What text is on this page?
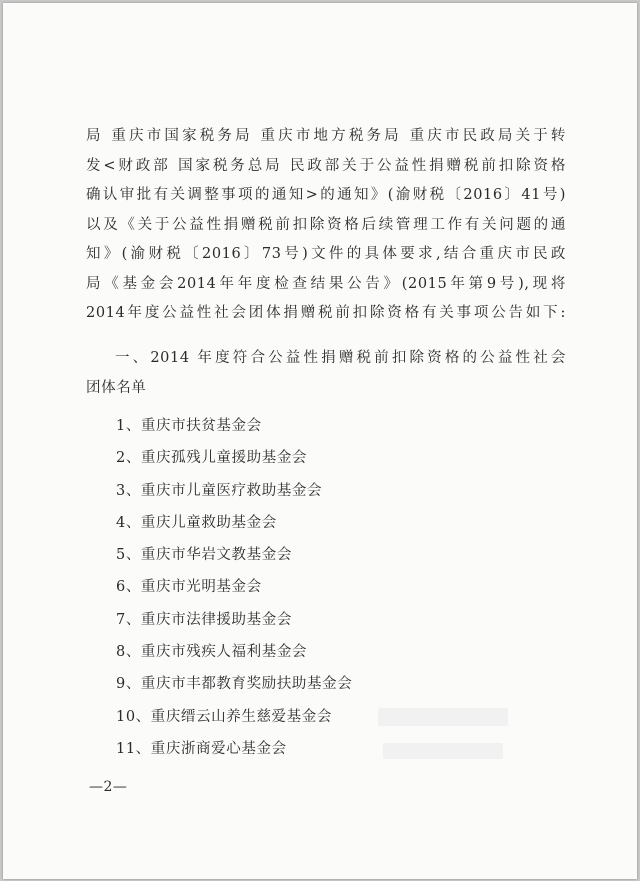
局 重庆市国家税务局 重庆市地方税务局 重庆市民政局关于转
发<财政部 国家税务总局 民政部关于公益性捐赠税前扣除资格
确认审批有关调整事项的通知>的通知》(渝财税〔2016〕41号)
以及《关于公益性捐赠税前扣除资格后续管理工作有关问题的通
知》(渝财税〔2016〕73号)文件的具体要求,结合重庆市民政
局《基金会2014年年度检查结果公告》(2015年第9号),现将
2014年度公益性社会团体捐赠税前扣除资格有关事项公告如下:
一、2014 年度符合公益性捐赠税前扣除资格的公益性社会
团体名单
1、重庆市扶贫基金会
2、重庆孤残儿童援助基金会
3、重庆市儿童医疗救助基金会
4、重庆儿童救助基金会
5、重庆市华岩文教基金会
6、重庆市光明基金会
7、重庆市法律援助基金会
8、重庆市残疾人福利基金会
9、重庆市丰都教育奖励扶助基金会
10、重庆缙云山养生慈爱基金会
11、重庆浙商爱心基金会
—2—
